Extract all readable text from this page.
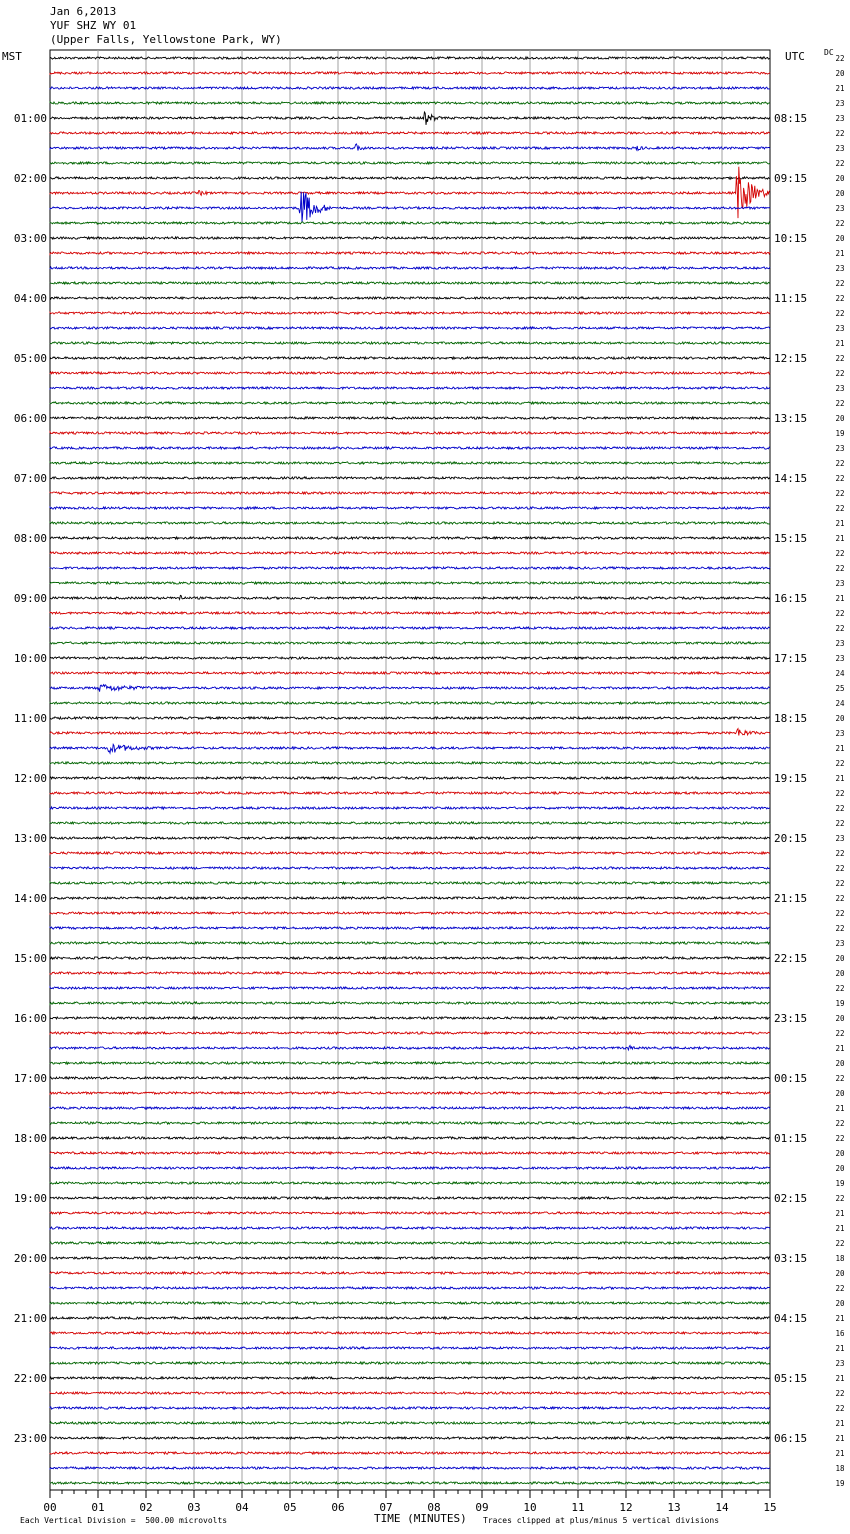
Jan 6,2013
YUF SHZ WY 01
(Upper Falls, Yellowstone Park, WY)
MST	UTC DC
00	01	02	03	04	05	06	07	08	09	10	11	12	13	14	15
01:00
02:00
03:00
04:00
05:00
06:00
07:00
08:00
09:00
10:00
11:00
12:00
13:00
14:00
15:00
16:00
17:00
18:00
19:00
20:00
21:00
22:00
23:00
08:15
09:15
10:15
11:15
12:15
13:15
14:15
15:15
16:15
17:15
18:15
19:15
20:15
21:15
22:15
23:15
00:15
01:15
02:15
03:15
04:15
05:15
06:15
22
20
21
23
23
22
23
22
20
20
23
22
20
21
23
22
22
22
23
21
22
22
23
22
20
19
23
22
22
22
22
21
21
22
22
23
21
22
22
23
23
24
25
24
20
23
21
22
21
22
22
22
23
22
22
22
22
22
22
23
20
20
22
19
20
22
21
20
22
20
21
22
22
20
20
19
22
21
21
22
18
20
22
20
21
16
21
23
21
22
22
21
21
21
18
19
TIME (MINUTES)
Each Vertical Division =  500.00 microvolts	Traces clipped at plus/minus 5 vertical divisions
